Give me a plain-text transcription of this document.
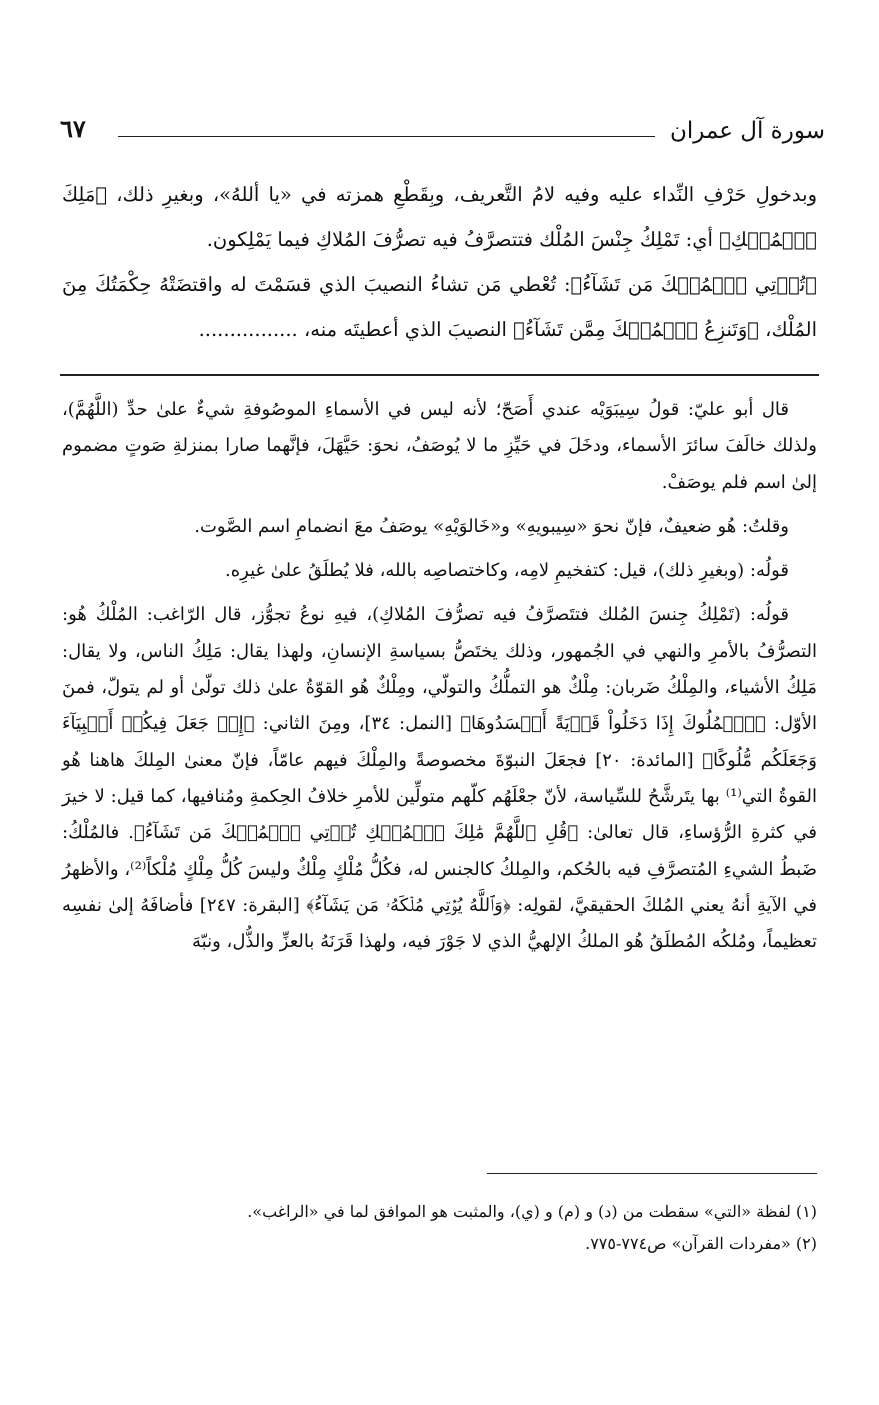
سورة آل عمران
٦٧

وبدخولِ حَرْفِ النِّداء عليه وفيه لامُ التَّعريف، وبِقَطْعِ همزته في «يا أللهُ»، وبغيرِ ذلك، ﴿مَلِكَ ٱلۡمُلۡكِ﴾ أي: تَمْلِكُ جِنْسَ المُلْك فتتصرَّفُ فيه تصرُّفَ المُلاكِ فيما يَمْلِكون.

﴿تُؤۡتِي ٱلۡمُلۡكَ مَن تَشَآءُ﴾: تُعْطي مَن تشاءُ النصيبَ الذي قسَمْتَ له واقتضَتْهُ حِكْمَتُكَ مِنَ المُلْك، ﴿وَتَنزِعُ ٱلۡمُلۡكَ مِمَّن تَشَآءُ﴾ النصيبَ الذي أعطيتَه منه، ................

قال أبو عليّ: قولُ سِيبَوَيْه عندي أَصَحّ؛ لأنه ليس في الأسماءِ الموصُوفةِ شيءٌ علىٰ حدِّ (اللَّهُمَّ)، ولذلك خالَفَ سائرَ الأسماء، ودخَلَ في حَيِّزِ ما لا يُوصَفُ، نحوَ: حَيَّهَلَ، فإنَّهما صارا بمنزلةِ صَوتٍ مضموم إلىٰ اسم فلم يوصَفْ.

وقلتُ: هُو ضعيفٌ، فإنّ نحوَ «سِيبويهِ» و«خَالوَيْهِ» يوصَفُ معَ انضمامِ اسم الصَّوت.

قولُه: (وبغيرِ ذلك)، قيل: كتفخيمِ لامِه، وكاختصاصِه بالله، فلا يُطلَقُ علىٰ غيرِه.

قولُه: (تَمْلِكُ جِنسَ المُلك فتتَصرَّفُ فيه تصرُّفَ المُلاكِ)، فيهِ نوعُ تجوُّز، قال الرّاغب: المُلْكُ هُو: التصرُّفُ بالأمرِ والنهي في الجُمهور، وذلك يختَصُّ بسياسةِ الإنسانِ، ولهذا يقال: مَلِكُ الناس، ولا يقال: مَلِكُ الأشياء، والمِلْكُ ضَربان: مِلْكٌ هو التملُّكُ والتولّي، ومِلْكٌ هُو القوّةُ علىٰ ذلك تولّىٰ أو لم يتولّ، فمنَ الأوّل: ﴿ٱلۡمُلُوكَ إِذَا دَخَلُواْ قَرۡيَةً أَفۡسَدُوهَا﴾ [النمل: ٣٤]، ومِنَ الثاني: ﴿إِذۡ جَعَلَ فِيكُمۡ أَنۢبِيَآءَ وَجَعَلَكُم مُّلُوكًا﴾ [المائدة: ٢٠] فجعَلَ النبوّةَ مخصوصةً والمِلْكَ فيهم عامّاً، فإنّ معنىٰ المِلكَ هاهنا هُو القوةُ التي⁽¹⁾ بها يتَرشَّحُ للسِّياسة، لأنّ جعْلَهُم كلّهم متولِّين للأمرِ خلافُ الحِكمةِ ومُنافيها، كما قيل: لا خيرَ في كثرةِ الرُّؤساءِ، قال تعالىٰ: ﴿قُلِ ٱللَّهُمَّ مَٰلِكَ ٱلۡمُلۡكِ تُؤۡتِي ٱلۡمُلۡكَ مَن تَشَآءُ﴾. فالمُلْكُ: ضَبطُ الشيءِ المُتصرَّفِ فيه بالحُكم، والمِلكُ كالجنس له، فكُلُّ مُلْكٍ مِلْكٌ وليسَ كُلُّ مِلْكٍ مُلْكاً⁽²⁾، والأظهرُ في الآيةِ أنهُ يعني المُلكَ الحقيقيَّ، لقولِه: ﴿وَٱللَّهُ يُؤۡتِي مُلۡكَهُۥ مَن يَشَآءُ﴾ [البقرة: ٢٤٧] فأضافَهُ إلىٰ نفسِه تعظيماً، ومُلكُه المُطلَقُ هُو الملكُ الإلهيُّ الذي لا جَوْرَ فيه، ولهذا قَرَنَهُ بالعزِّ والذُّل، ونبّهَ

(١) لفظة «التي» سقطت من (د) و (م) و (ي)، والمثبت هو الموافق لما في «الراغب».

(٢) «مفردات القرآن» ص٧٧٤-٧٧٥.
